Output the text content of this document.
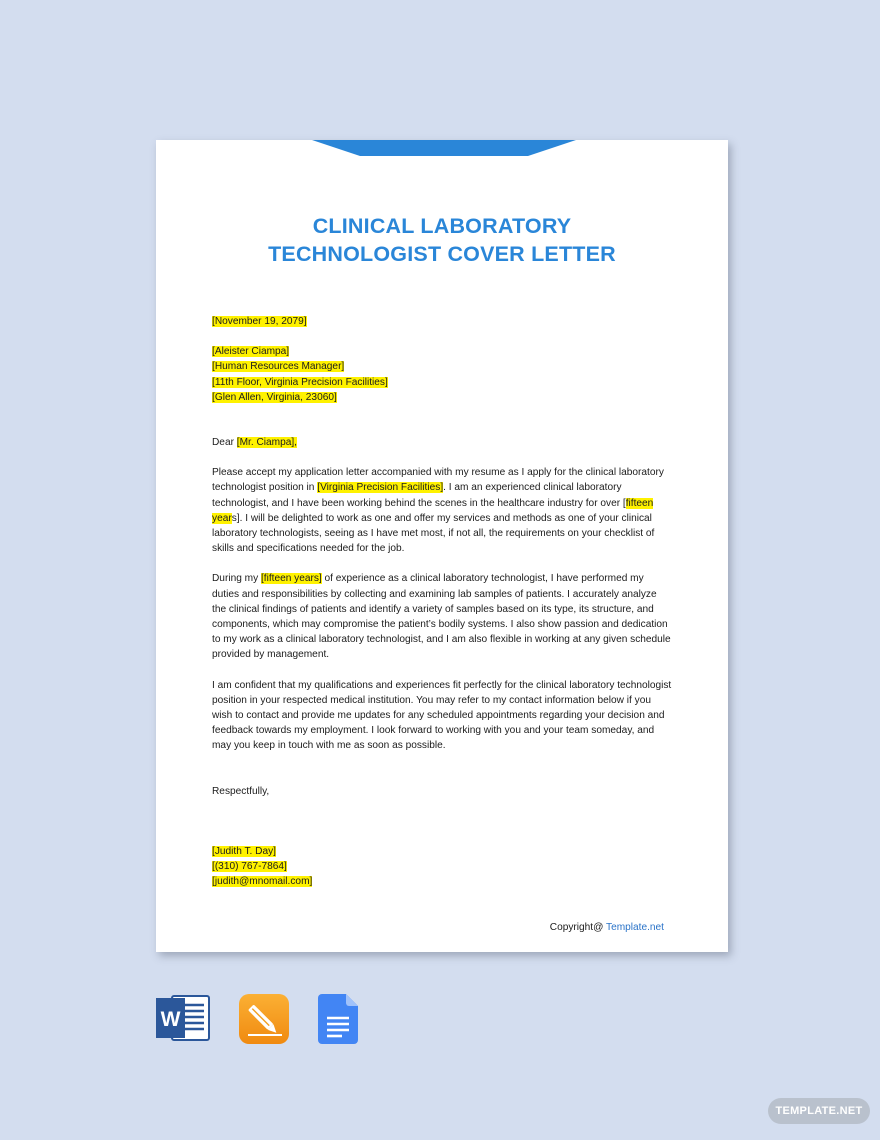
CLINICAL LABORATORY
TECHNOLOGIST COVER LETTER

[November 19, 2079]

[Aleister Ciampa]

[Human Resources Manager]

[11th Floor, Virginia Precision Facilities]

[Glen Allen, Virginia, 23060]

Dear [Mr. Ciampa],

Please accept my application letter accompanied with my resume as I apply for the clinical laboratory technologist position in [Virginia Precision Facilities]. I am an experienced clinical laboratory technologist, and I have been working behind the scenes in the healthcare industry for over [fifteen years]. I will be delighted to work as one and offer my services and methods as one of your clinical laboratory technologists, seeing as I have met most, if not all, the requirements on your checklist of skills and specifications needed for the job.

During my [fifteen years] of experience as a clinical laboratory technologist, I have performed my duties and responsibilities by collecting and examining lab samples of patients. I accurately analyze the clinical findings of patients and identify a variety of samples based on its type, its structure, and components, which may compromise the patient’s bodily systems. I also show passion and dedication to my work as a clinical laboratory technologist, and I am also flexible in working at any given schedule provided by management.

I am confident that my qualifications and experiences fit perfectly for the clinical laboratory technologist position in your respected medical institution. You may refer to my contact information below if you wish to contact and provide me updates for any scheduled appointments regarding your decision and feedback towards my employment. I look forward to working with you and your team someday, and may you keep in touch with me as soon as possible.

Respectfully,

[Judith T. Day]

[(310) 767-7864]

[judith@mnomail.com]

Copyright@ Template.net
W
TEMPLATE.NET
